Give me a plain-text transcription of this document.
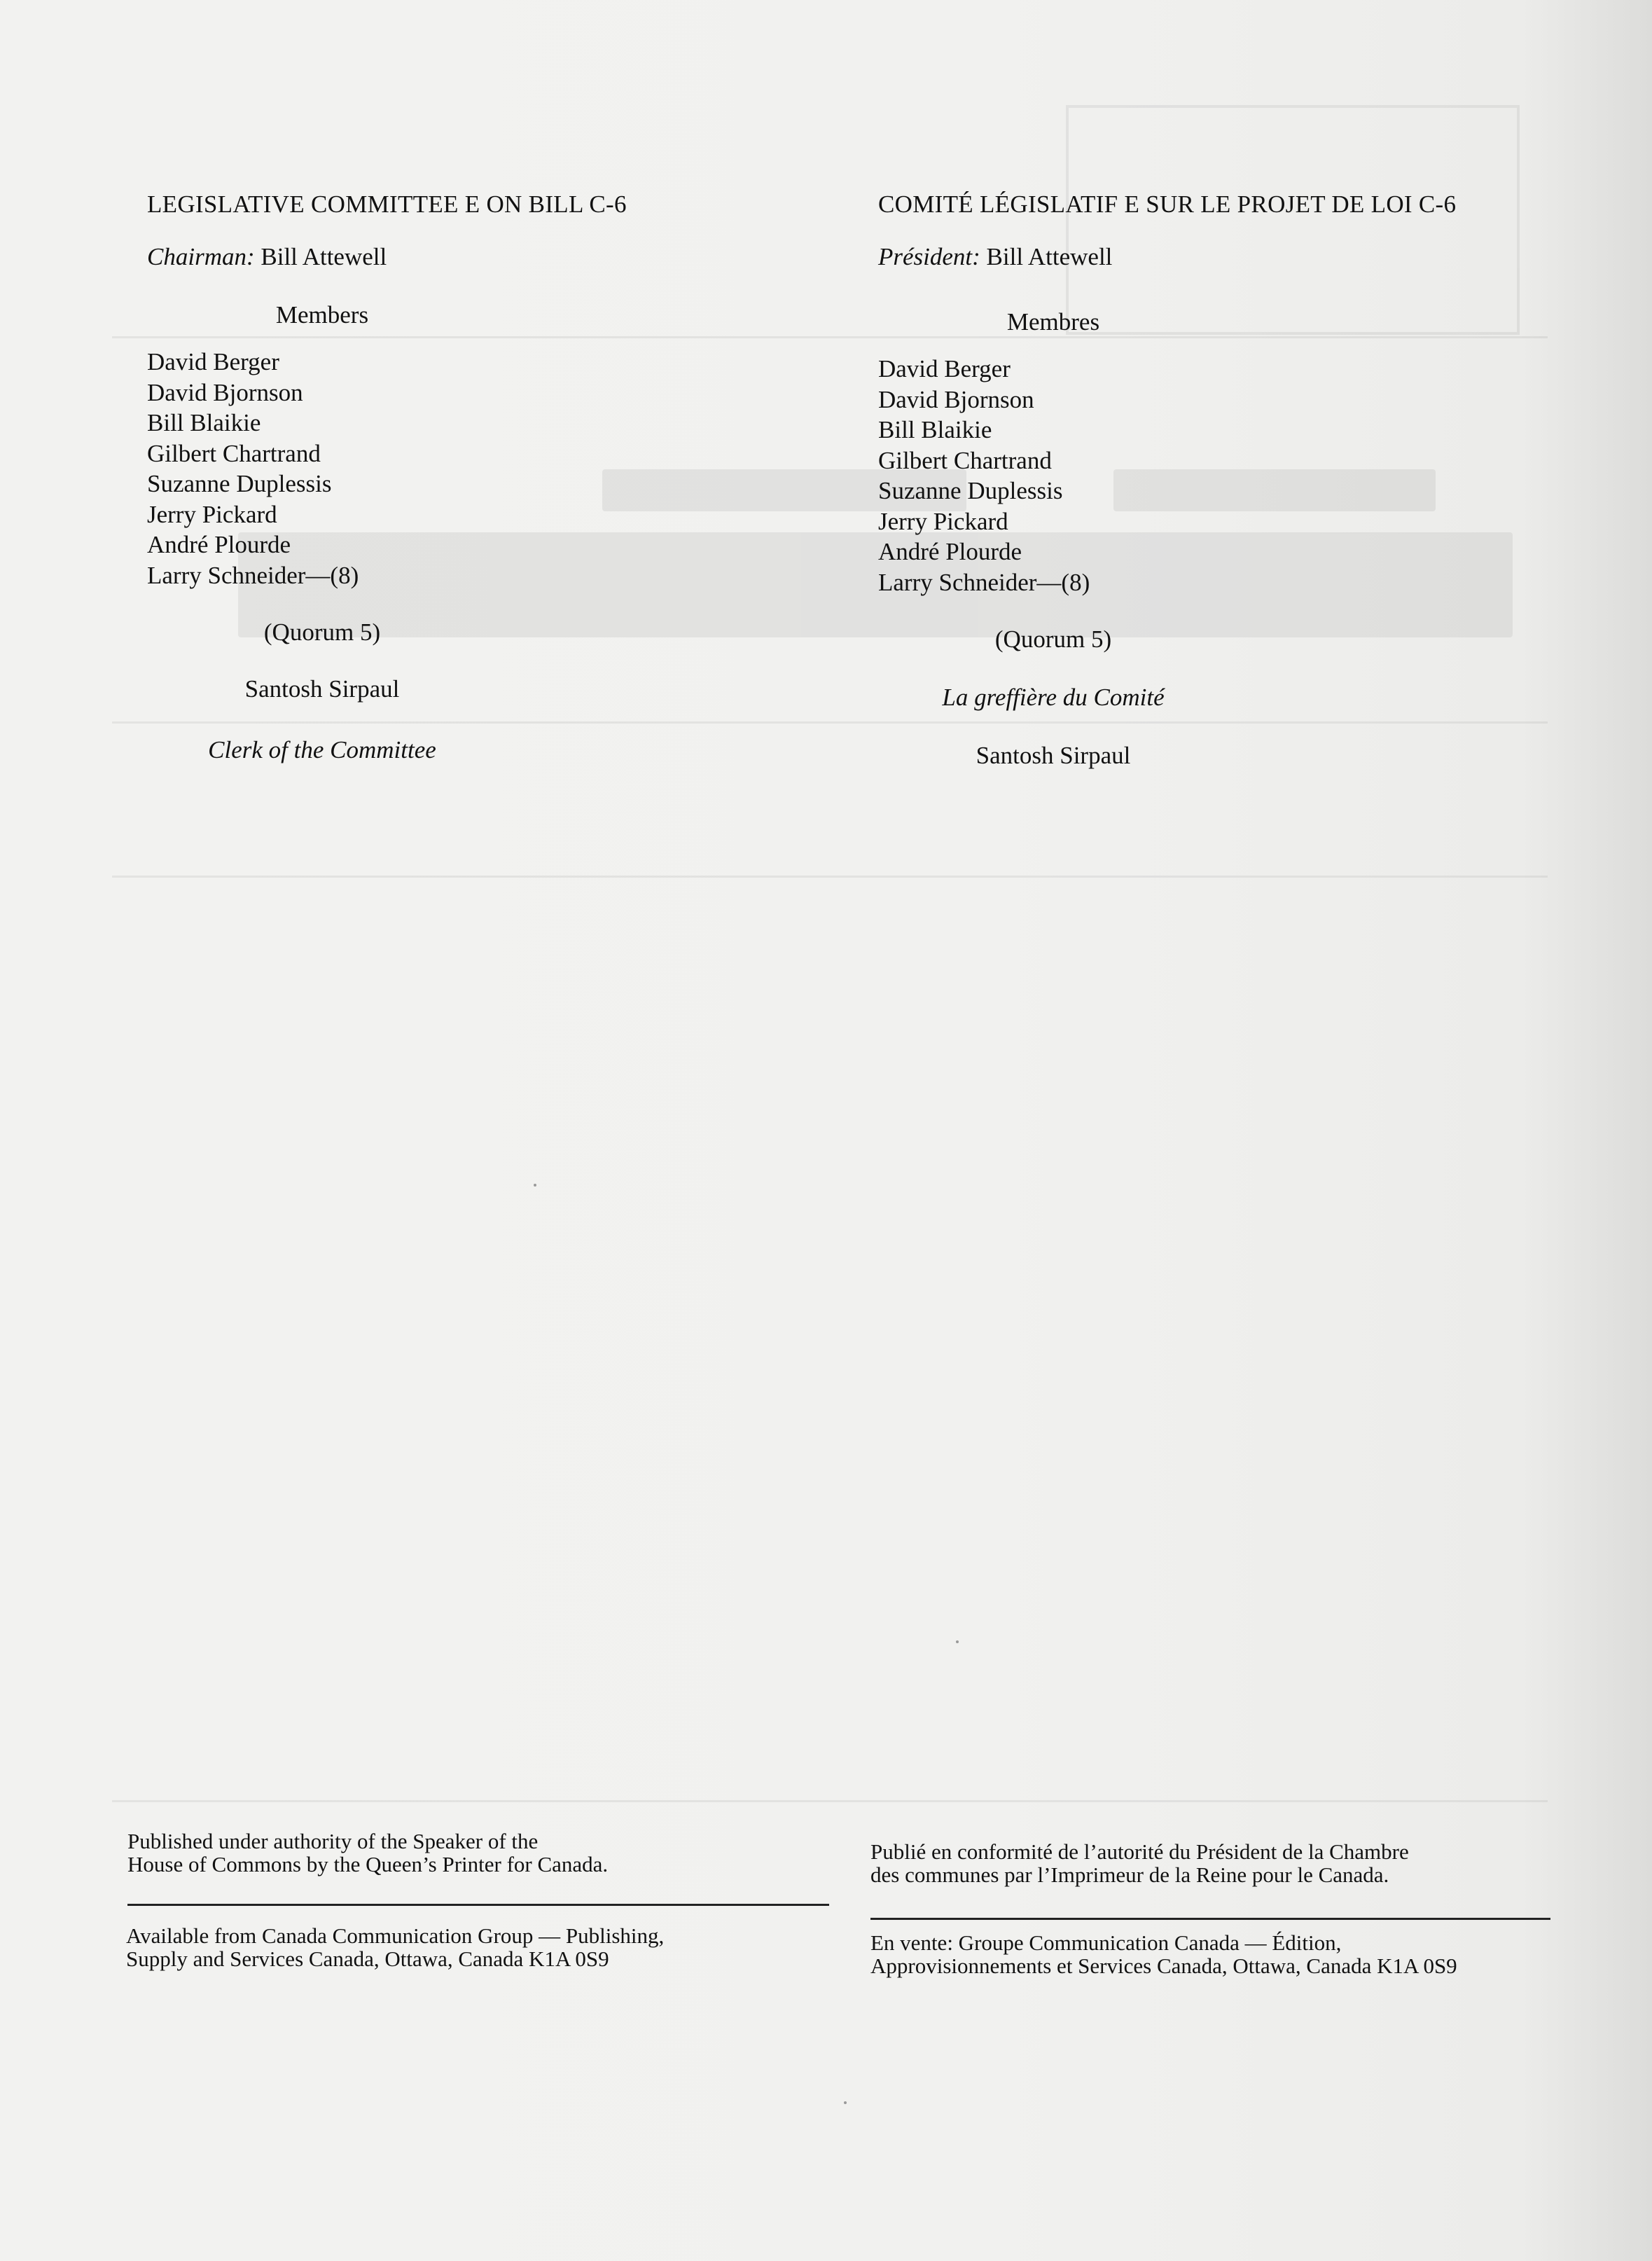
LEGISLATIVE COMMITTEE E ON BILL C-6
Chairman: Bill Attewell
Members
David Berger
David Bjornson
Bill Blaikie
Gilbert Chartrand
Suzanne Duplessis
Jerry Pickard
André Plourde
Larry Schneider—(8)
(Quorum 5)
Santosh Sirpaul
Clerk of the Committee
COMITÉ LÉGISLATIF E SUR LE PROJET DE LOI C-6
Président: Bill Attewell
Membres
David Berger
David Bjornson
Bill Blaikie
Gilbert Chartrand
Suzanne Duplessis
Jerry Pickard
André Plourde
Larry Schneider—(8)
(Quorum 5)
La greffière du Comité
Santosh Sirpaul
Published under authority of the Speaker of the
House of Commons by the Queen’s Printer for Canada.
Available from Canada Communication Group — Publishing,
Supply and Services Canada, Ottawa, Canada K1A 0S9
Publié en conformité de l’autorité du Président de la Chambre
des communes par l’Imprimeur de la Reine pour le Canada.
En vente: Groupe Communication Canada — Édition,
Approvisionnements et Services Canada, Ottawa, Canada K1A 0S9
